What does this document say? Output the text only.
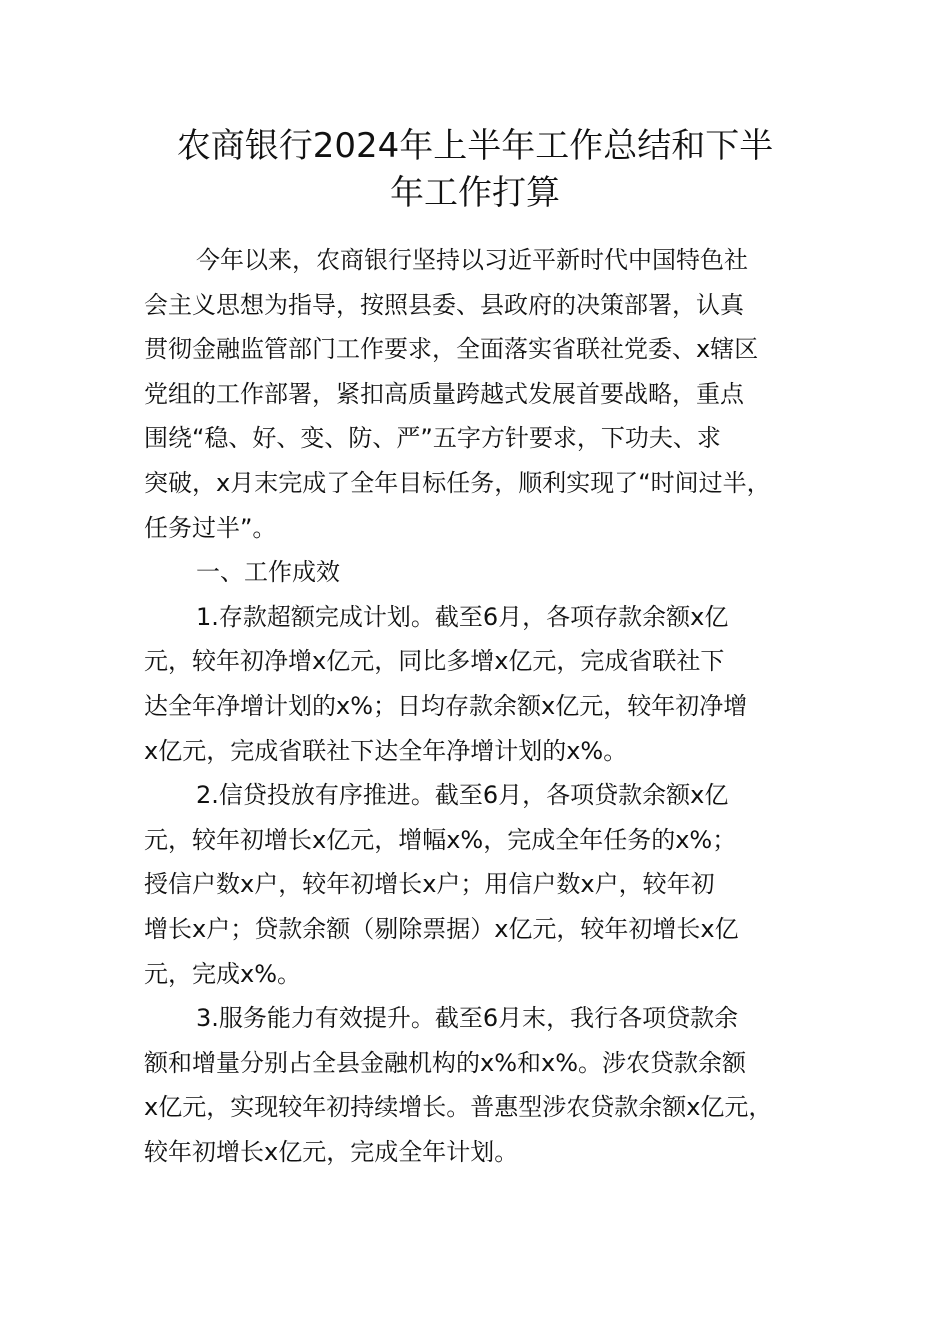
农商银行2024年上半年工作总结和下半
年工作打算
今年以来，农商银行坚持以习近平新时代中国特色社
会主义思想为指导，按照县委、县政府的决策部署，认真
贯彻金融监管部门工作要求，全面落实省联社党委、x辖区
党组的工作部署，紧扣高质量跨越式发展首要战略，重点
围绕“稳、好、变、防、严”五字方针要求，下功夫、求
突破，x月末完成了全年目标任务，顺利实现了“时间过半，
任务过半”。
一、工作成效
1.存款超额完成计划。截至6月，各项存款余额x亿
元，较年初净增x亿元，同比多增x亿元，完成省联社下
达全年净增计划的x%；日均存款余额x亿元，较年初净增
x亿元，完成省联社下达全年净增计划的x%。
2.信贷投放有序推进。截至6月，各项贷款余额x亿
元，较年初增长x亿元，增幅x%，完成全年任务的x%；
授信户数x户，较年初增长x户；用信户数x户，较年初
增长x户；贷款余额（剔除票据）x亿元，较年初增长x亿
元，完成x%。
3.服务能力有效提升。截至6月末，我行各项贷款余
额和增量分别占全县金融机构的x%和x%。涉农贷款余额
x亿元，实现较年初持续增长。普惠型涉农贷款余额x亿元，
较年初增长x亿元，完成全年计划。
